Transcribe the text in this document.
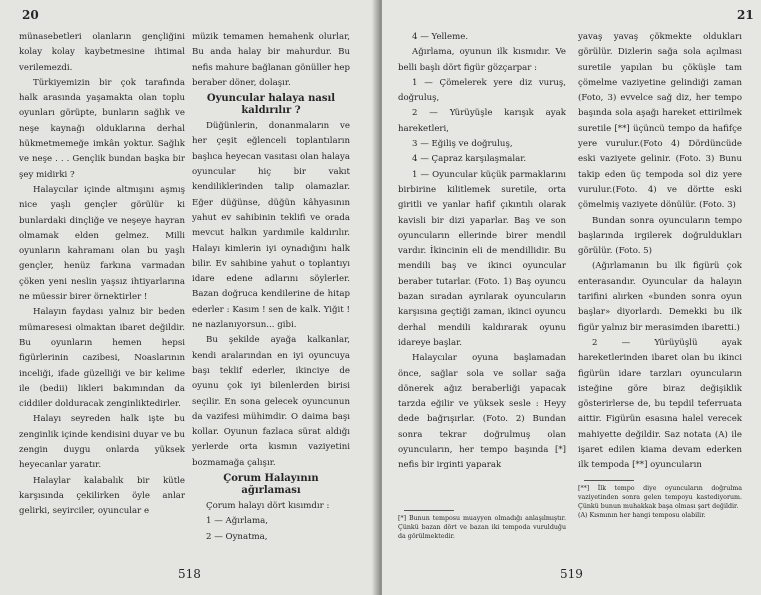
20

münasebetleri olanların gençliğini kolay kolay kaybetmesine ihtimal verilemezdi.

Türkiyemizin bir çok tarafında halk arasında yaşamakta olan toplu oyunları görüpte, bunların sağlık ve neşe kaynağı olduklarına derhal hükmetmemeğe imkân yoktur. Sağlık ve neşe . . . Gençlik bundan başka bir şey midirki ?

Halaycılar içinde altmışını aşmış nice yaşlı gençler görülür ki bunlardaki dinçliğe ve neşeye hayran olmamak elden gelmez. Milli oyunların kahramanı olan bu yaşlı gençler, henüz farkına varmadan çöken yeni neslin yaşsız ihtiyarlarına ne müessir birer örnektirler !

Halayın faydası yalnız bir beden mümaresesi olmaktan ibaret değildir. Bu oyunların hemen hepsi figürlerinin cazibesi, Noaslarının inceliği, ifade güzelliği ve bir kelime ile (bedii) likleri bakımından da ciddiler dolduracak zenginliktedirler.

Halayı seyreden halk işte bu zenginlik içinde kendisini duyar ve bu zengin duygu onlarda yüksek heyecanlar yaratır.

Halaylar kalabalık bir kütle karşısında çekilirken öyle anlar gelirki, seyirciler, oyuncular e

müzik temamen hemahenk olurlar, Bu anda halay bir mahurdur. Bu nefis mahure bağlanan gönüller hep beraber döner, dolaşır.

Oyuncular halaya nasıl kaldırılır ?

Düğünlerin, donanmaların ve her çeşit eğlenceli toplantıların başlıca heyecan vasıtası olan halaya oyuncular hiç bir vakıt kendiliklerinden talip olamazlar. Eğer düğünse, düğün kâhyasının yahut ev sahibinin teklifi ve orada mevcut halkın yardımile kaldırılır. Halayı kimlerin iyi oynadığını halk bilir. Ev sahibine yahut o toplantıyı idare edene adlarını söylerler. Bazan doğruca kendilerine de hitap ederler : Kasım ! sen de kalk. Yiğit ! ne nazlanıyorsun... gibi.

Bu şekilde ayağa kalkanlar, kendi aralarından en iyi oyuncuya başı teklif ederler, ikinciye de oyunu çok iyi bilenlerden birisi seçilir. En sona gelecek oyuncunun da vazifesi mühimdir. O daima başı kollar. Oyunun fazlaca sürat aldığı yerlerde orta kısmın vaziyetini bozmamağa çalışır.

Çorum Halayının ağırlaması

Çorum halayı dört kısımdır :

1 — Ağırlama,

2 — Oynatma,

518
21

4 — Yelleme.

Ağırlama, oyunun ilk kısmıdır. Ve belli başlı dört figür gözçarpar :

1 — Çömelerek yere diz vuruş, doğruluş,

2 — Yürüyüşle karışık ayak hareketleri,

3 — Eğiliş ve doğruluş,

4 — Çapraz karşılaşmalar.

1 — Oyuncular küçük parmaklarını birbirine kilitlemek suretile, orta giritli ve yanlar hafif çıkıntılı olarak kavisli bir dizi yaparlar. Baş ve son oyuncuların ellerinde birer mendil vardır. İkincinin eli de mendillidir. Bu mendili baş ve ikinci oyuncular beraber tutarlar. (Foto. 1) Baş oyuncu bazan sıradan ayrılarak oyuncuların karşısına geçtiği zaman, ikinci oyuncu derhal mendili kaldırarak oyunu idareye başlar.

Halaycılar oyuna başlamadan önce, sağlar sola ve sollar sağa dönerek ağız beraberliği yapacak tarzda eğilir ve yüksek sesle : Heyy dede bağrışırlar. (Foto. 2) Bundan sonra tekrar doğrulmuş olan oyuncuların, her tempo başında [*] nefis bir irginti yaparak

[*] Bunun temposu muayyen olmadığı anlaşılmıştır. Çünkü bazan dört ve bazan iki tempoda vurulduğu da görülmektedir.

yavaş yavaş çökmekte oldukları görülür. Dizlerin sağa sola açılması suretile yapılan bu çöküşle tam çömelme vaziyetine gelindiği zaman (Foto, 3) evvelce sağ diz, her tempo başında sola aşağı hareket ettirilmek suretile [**] üçüncü tempo da hafifçe yere vurulur.(Foto 4) Dördüncüde eski vaziyete gelinir. (Foto. 3) Bunu takip eden üç tempoda sol diz yere vurulur.(Foto. 4) ve dörtte eski çömelmiş vaziyete dönülür. (Foto. 3)

Bundan sonra oyuncuların tempo başlarında irgilerek doğruldukları görülür. (Foto. 5)

(Ağırlamanın bu ilk figürü çok enterasandır. Oyuncular da halayın tarifini alırken «bunden sonra oyun başlar» diyorlardı. Demekki bu ilk figür yalnız bir merasimden ibaretti.)

2 — Yürüyüşlü ayak hareketlerinden ibaret olan bu ikinci figürün idare tarzları oyuncuların isteğine göre biraz değişiklik gösterirlerse de, bu tepdil teferruata aittir. Figürün esasına halel verecek mahiyette değildir. Saz notata (A) ile işaret edilen kiama devam ederken ilk tempoda [**] oyuncuların

[**] İlk tempo diye oyuncuların doğrulma vaziyetinden sonra gelen tempoyu kastediyorum. Çünkü bunun muhakkak başa olması şart değildir.

(A) Kısmının her hangi temposu olabilir.

519
